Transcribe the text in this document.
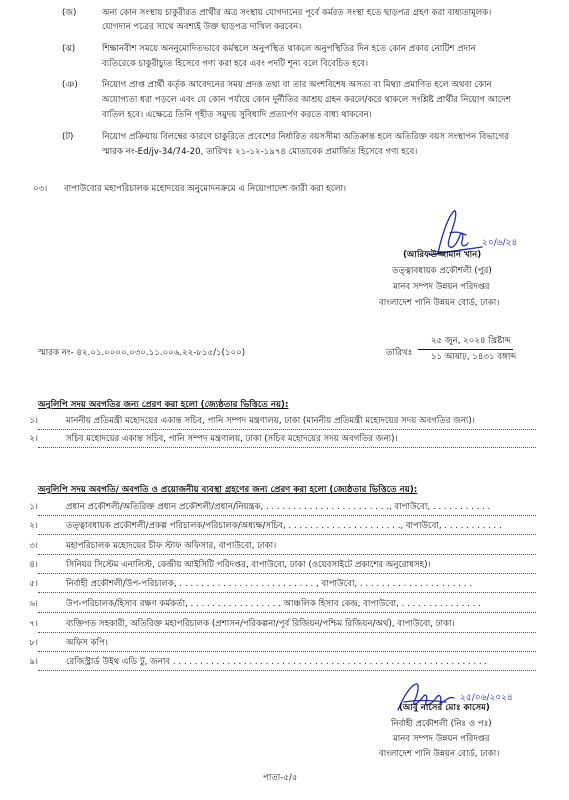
(জ)	অন্য কোন সংস্থায় চাকুরীরত প্রার্থীর অত্র সংস্থায় যোগদানের পূর্বে কর্মরত সংস্থা হতে ছাড়পত্র গ্রহণ করা বাধ্যতামূলক।
যোগদান পত্রের সাথে অবশ্যই উক্ত ছাড়পত্র দাখিল করবেন।
(ঝ)	শিক্ষানবীশ সময়ে অননুমোদিতভাবে কর্মস্থলে অনুপস্থিত থাকলে অনুপস্থিতির দিন হতে কোন প্রকার নোটিশ প্রদান
ব্যতিরেকে চাকুরীচ্যুত হিসেবে গণ্য করা হবে এবং পদটি শূন্য বলে বিবেচিত হবে।
(ঞ)	নিয়োগ প্রাপ্ত প্রার্থী কর্তৃক আবেদনের সময় প্রদত্ত তথ্য বা তার অংশবিশেষ অসত্য বা মিথ্যা প্রমাণিত হলে অথবা কোন
অযোগ্যতা ধরা পড়লে এবং যে কোন পর্যায়ে কোন দুর্নীতির আশ্রয় গ্রহন করলে/করে থাকলে সংশ্লিষ্ট প্রার্থীর নিয়োগ আদেশ
বাতিল হবে। এক্ষেত্রে তিনি গৃহীত সমুদয় সুবিধাদি প্রত্যার্পণ করতে বাধ্য থাকবেন।
(ট)	নিয়োগ প্রক্রিয়ায় বিলম্বের কারণে চাকুরিতে প্রবেশের নির্ধারিত বয়সসীমা অতিক্রান্ত হলে অতিরিক্ত বয়স সংস্থাপন বিভাগের
স্মারক নং-Ed/jv-34/74-20, তারিখঃ ২১-১২-১৯৭৪ মোতাবেক প্রমার্জিত হিসেবে গণ্য হবে।
০৩। বাপাউবোর মহাপরিচালক মহোদয়ের অনুমোদনক্রমে এ নিয়োগাদেশ জারী করা হলো।
২০/৬/২৪
(আরিফউজ্জামান খান)
তত্ত্বাবধায়ক প্রকৌশলী (পুর)
মানব সম্পদ উন্নয়ন পরিদপ্তর
বাংলাদেশ পানি উন্নয়ন বোর্ড, ঢাকা।
২৫ জুন, ২০২৪ খ্রিষ্টাব্দ
স্মারক নং- ৪২.০১.০০০০.০৩০.১১.০০৬.২২-৮১৫/১(১০০)	তারিখঃ ১১ আষাঢ়, ১৪৩১ বঙ্গাব্দ
অনুলিপি সদয় অবগতির জন্য প্রেরণ করা হলো (জ্যেষ্ঠতার ভিত্তিতে নয়):
১।	মাননীয় প্রতিমন্ত্রী মহোদয়ের একান্ত সচিব, পানি সম্পদ মন্ত্রণালয়, ঢাকা (মাননীয় প্রতিমন্ত্রী মহোদয়ের সদয় অবগতির জন্য)।
২।	সচিব মহোদয়ের একান্ত সচিব, পানি সম্পদ মন্ত্রণালয়, ঢাকা (সচিব মহোদয়ের সদয় অবগতির জন্য)।
অনুলিপি সদয় অবগতি/ অবগতি ও প্রয়োজনীয় ব্যবস্থা গ্রহণের জন্য প্রেরণ করা হলো (জ্যেষ্ঠতার ভিত্তিতে নয়):
১।	প্রধান প্রকৌশলী/অতিরিক্ত প্রধান প্রকৌশলী/প্রধান/নিয়ন্ত্রক, . . . . . . . . . . . . . . . . . . . . . . ., বাপাউবো, . . . . . . . . . . .
২।	তত্ত্বাবধায়ক প্রকৌশলী/প্রকল্প পরিচালক/পরিচালক/অধ্যক্ষ/সচিব, . . . . . . . . . . . . . . . . . . . . ., বাপাউবো, . . . . . . . . . . .
৩।	মহাপরিচালক মহোদয়ের চীফ স্টাফ অফিসার, বাপাউবো, ঢাকা।
৪।	সিনিয়র সিস্টেম এনালিস্ট, কেন্দ্রীয় আইসিটি পরিদপ্তর, বাপাউবো, ঢাকা (ওয়েবসাইটে প্রকাশের অনুরোধসহ)।
৫।	নির্বাহী প্রকৌশলী/উপ-পরিচালক, . . . . . . . . . . . . . . . . . . . . . . . . . , বাপাউবো, . . . . . . . . . . . . . . . . . . . . .
৬।	উপ-পরিচালক/হিসাব রক্ষণ কর্মকর্তা, . . . . . . . . . . . . . . . . . আঞ্চলিক হিসাব কেন্দ্র, বাপাউবো, . . . . . . . . . . . . . . .
৭।	ব্যক্তিগত সহকারী, অতিরিক্ত মহাপরিচালক (প্রশাসন/পরিকল্পনা/পূর্ব রিজিয়ন/পশ্চিম রিজিয়ন/অর্থ), বাপাউবো, ঢাকা।
৮।	অফিস কপি।
৯।	রেজিস্ট্রার্ড উইথ এডি টু, জনাব . . . . . . . . . . . . . . . . . . . . . . . . . . . . . . . . . . . . . . . . . . . . . . . . . . . . . . . . . .
২৫/০৬/২০২৪
(আবু নাসের মোঃ কাসেম)
নির্বাহী প্রকৌশলী (নিঃ ও পঃ)
মানব সম্পদ উন্নয়ন পরিদপ্তর
বাংলাদেশ পানি উন্নয়ন বোর্ড, ঢাকা।
পাতা-৫/৫
